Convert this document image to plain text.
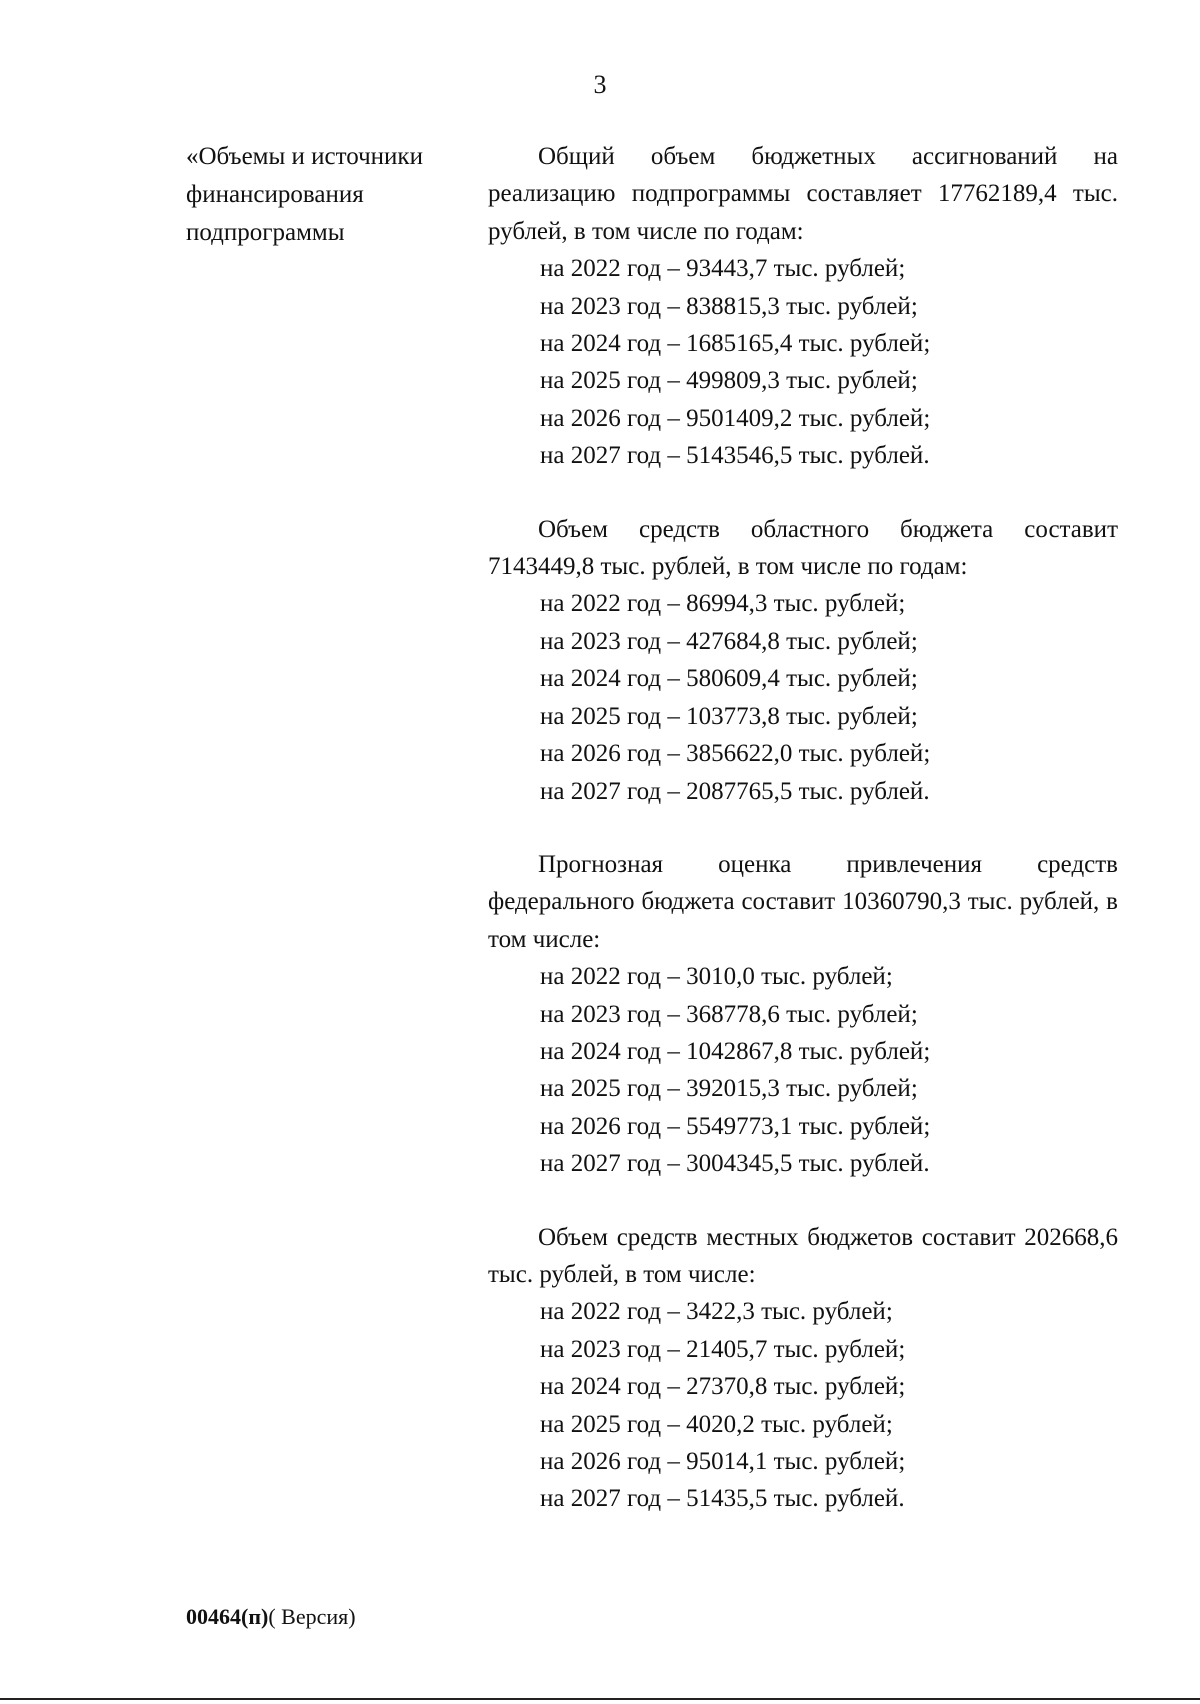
3
«Объемы и источники
финансирования
подпрограммы

Общий объем бюджетных ассигнований на реализацию подпрограммы составляет 17762189,4 тыс. рублей, в том числе по годам:

на 2022 год – 93443,7 тыс. рублей;
на 2023 год – 838815,3 тыс. рублей;
на 2024 год – 1685165,4 тыс. рублей;
на 2025 год – 499809,3 тыс. рублей;
на 2026 год – 9501409,2 тыс. рублей;
на 2027 год – 5143546,5 тыс. рублей.

Объем средств областного бюджета составит 7143449,8 тыс. рублей, в том числе по годам:

на 2022 год – 86994,3 тыс. рублей;
на 2023 год – 427684,8 тыс. рублей;
на 2024 год – 580609,4 тыс. рублей;
на 2025 год – 103773,8 тыс. рублей;
на 2026 год – 3856622,0 тыс. рублей;
на 2027 год – 2087765,5 тыс. рублей.

Прогнозная оценка привлечения средств федерального бюджета составит 10360790,3 тыс. рублей, в том числе:

на 2022 год – 3010,0 тыс. рублей;
на 2023 год – 368778,6 тыс. рублей;
на 2024 год – 1042867,8 тыс. рублей;
на 2025 год – 392015,3 тыс. рублей;
на 2026 год – 5549773,1 тыс. рублей;
на 2027 год – 3004345,5 тыс. рублей.

Объем средств местных бюджетов составит 202668,6 тыс. рублей, в том числе:

на 2022 год – 3422,3 тыс. рублей;
на 2023 год – 21405,7 тыс. рублей;
на 2024 год – 27370,8 тыс. рублей;
на 2025 год – 4020,2 тыс. рублей;
на 2026 год – 95014,1 тыс. рублей;
на 2027 год – 51435,5 тыс. рублей.
00464(п)( Версия)
